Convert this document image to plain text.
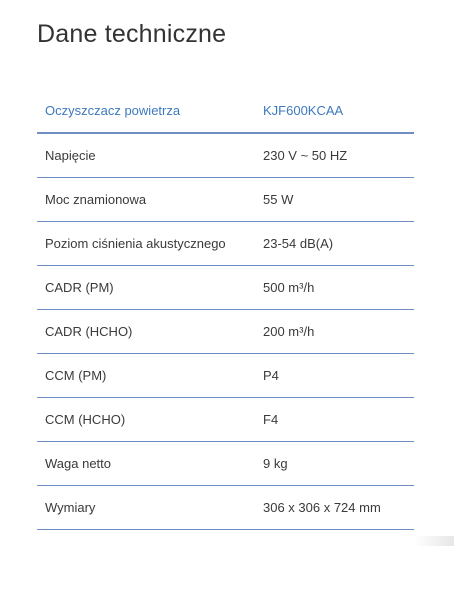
Dane techniczne
Oczyszczacz powietrza	KJF600KCAA
Napięcie	230 V ~ 50 HZ
Moc znamionowa	55 W
Poziom ciśnienia akustycznego	23-54 dB(A)
CADR (PM)	500 m³/h
CADR (HCHO)	200 m³/h
CCM (PM)	P4
CCM (HCHO)	F4
Waga netto	9 kg
Wymiary	306 x 306 x 724 mm
